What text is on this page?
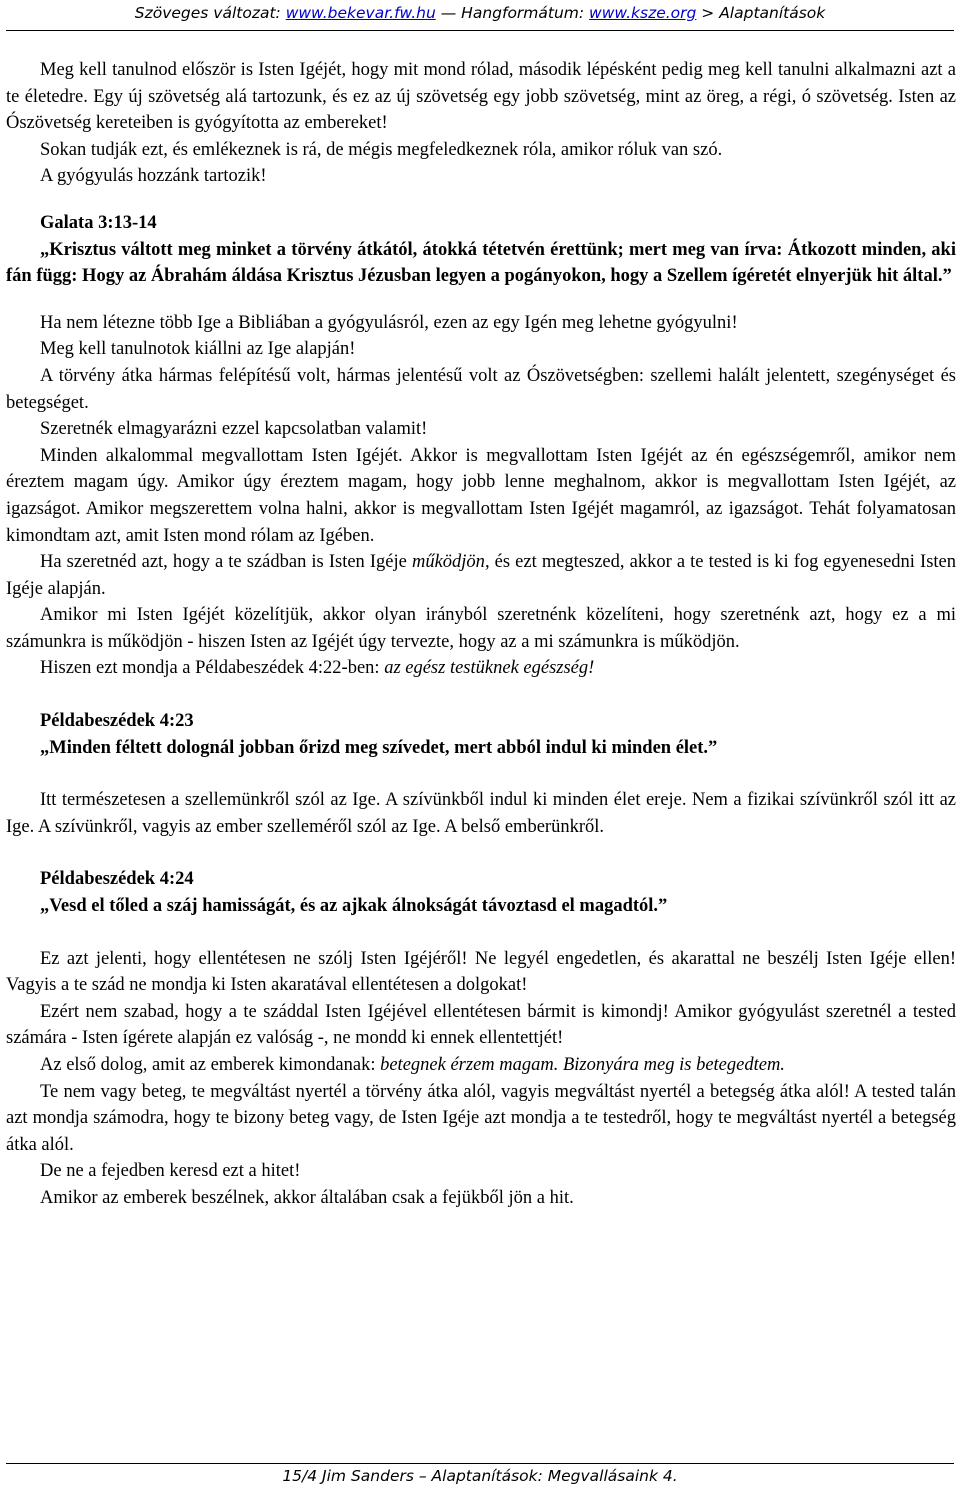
Szöveges változat: www.bekevar.fw.hu — Hangformátum: www.ksze.org > Alaptanítások

Meg kell tanulnod először is Isten Igéjét, hogy mit mond rólad, második lépésként pedig meg kell tanulni alkalmazni azt a te életedre. Egy új szövetség alá tartozunk, és ez az új szövetség egy jobb szövetség, mint az öreg, a régi, ó szövetség. Isten az Ószövetség kereteiben is gyógyította az embereket!

Sokan tudják ezt, és emlékeznek is rá, de mégis megfeledkeznek róla, amikor róluk van szó.

A gyógyulás hozzánk tartozik!

Galata 3:13-14

„Krisztus váltott meg minket a törvény átkától, átokká tétetvén érettünk; mert meg van írva: Átkozott minden, aki fán függ: Hogy az Ábrahám áldása Krisztus Jézusban legyen a pogányokon, hogy a Szellem ígéretét elnyerjük hit által.”

Ha nem létezne több Ige a Bibliában a gyógyulásról, ezen az egy Igén meg lehetne gyógyulni!

Meg kell tanulnotok kiállni az Ige alapján!

A törvény átka hármas felépítésű volt, hármas jelentésű volt az Ószövetségben: szellemi halált jelentett, szegénységet és betegséget.

Szeretnék elmagyarázni ezzel kapcsolatban valamit!

Minden alkalommal megvallottam Isten Igéjét. Akkor is megvallottam Isten Igéjét az én egészségemről, amikor nem éreztem magam úgy. Amikor úgy éreztem magam, hogy jobb lenne meghalnom, akkor is megvallottam Isten Igéjét, az igazságot. Amikor megszerettem volna halni, akkor is megvallottam Isten Igéjét magamról, az igazságot. Tehát folyamatosan kimondtam azt, amit Isten mond rólam az Igében.

Ha szeretnéd azt, hogy a te szádban is Isten Igéje működjön, és ezt megteszed, akkor a te tested is ki fog egyenesedni Isten Igéje alapján.

Amikor mi Isten Igéjét közelítjük, akkor olyan irányból szeretnénk közelíteni, hogy szeretnénk azt, hogy ez a mi számunkra is működjön - hiszen Isten az Igéjét úgy tervezte, hogy az a mi számunkra is működjön.

Hiszen ezt mondja a Példabeszédek 4:22-ben: az egész testüknek egészség!

Példabeszédek 4:23

„Minden féltett dolognál jobban őrizd meg szívedet, mert abból indul ki minden élet.”

Itt természetesen a szellemünkről szól az Ige. A szívünkből indul ki minden élet ereje. Nem a fizikai szívünkről szól itt az Ige. A szívünkről, vagyis az ember szelleméről szól az Ige. A belső emberünkről.

Példabeszédek 4:24

„Vesd el tőled a száj hamisságát, és az ajkak álnokságát távoztasd el magadtól.”

Ez azt jelenti, hogy ellentétesen ne szólj Isten Igéjéről! Ne legyél engedetlen, és akarattal ne beszélj Isten Igéje ellen! Vagyis a te szád ne mondja ki Isten akaratával ellentétesen a dolgokat!

Ezért nem szabad, hogy a te száddal Isten Igéjével ellentétesen bármit is kimondj! Amikor gyógyulást szeretnél a tested számára - Isten ígérete alapján ez valóság -, ne mondd ki ennek ellentettjét!

Az első dolog, amit az emberek kimondanak: betegnek érzem magam. Bizonyára meg is betegedtem.

Te nem vagy beteg, te megváltást nyertél a törvény átka alól, vagyis megváltást nyertél a betegség átka alól! A tested talán azt mondja számodra, hogy te bizony beteg vagy, de Isten Igéje azt mondja a te testedről, hogy te megváltást nyertél a betegség átka alól.

De ne a fejedben keresd ezt a hitet!

Amikor az emberek beszélnek, akkor általában csak a fejükből jön a hit.

15/4 Jim Sanders – Alaptanítások: Megvallásaink 4.
